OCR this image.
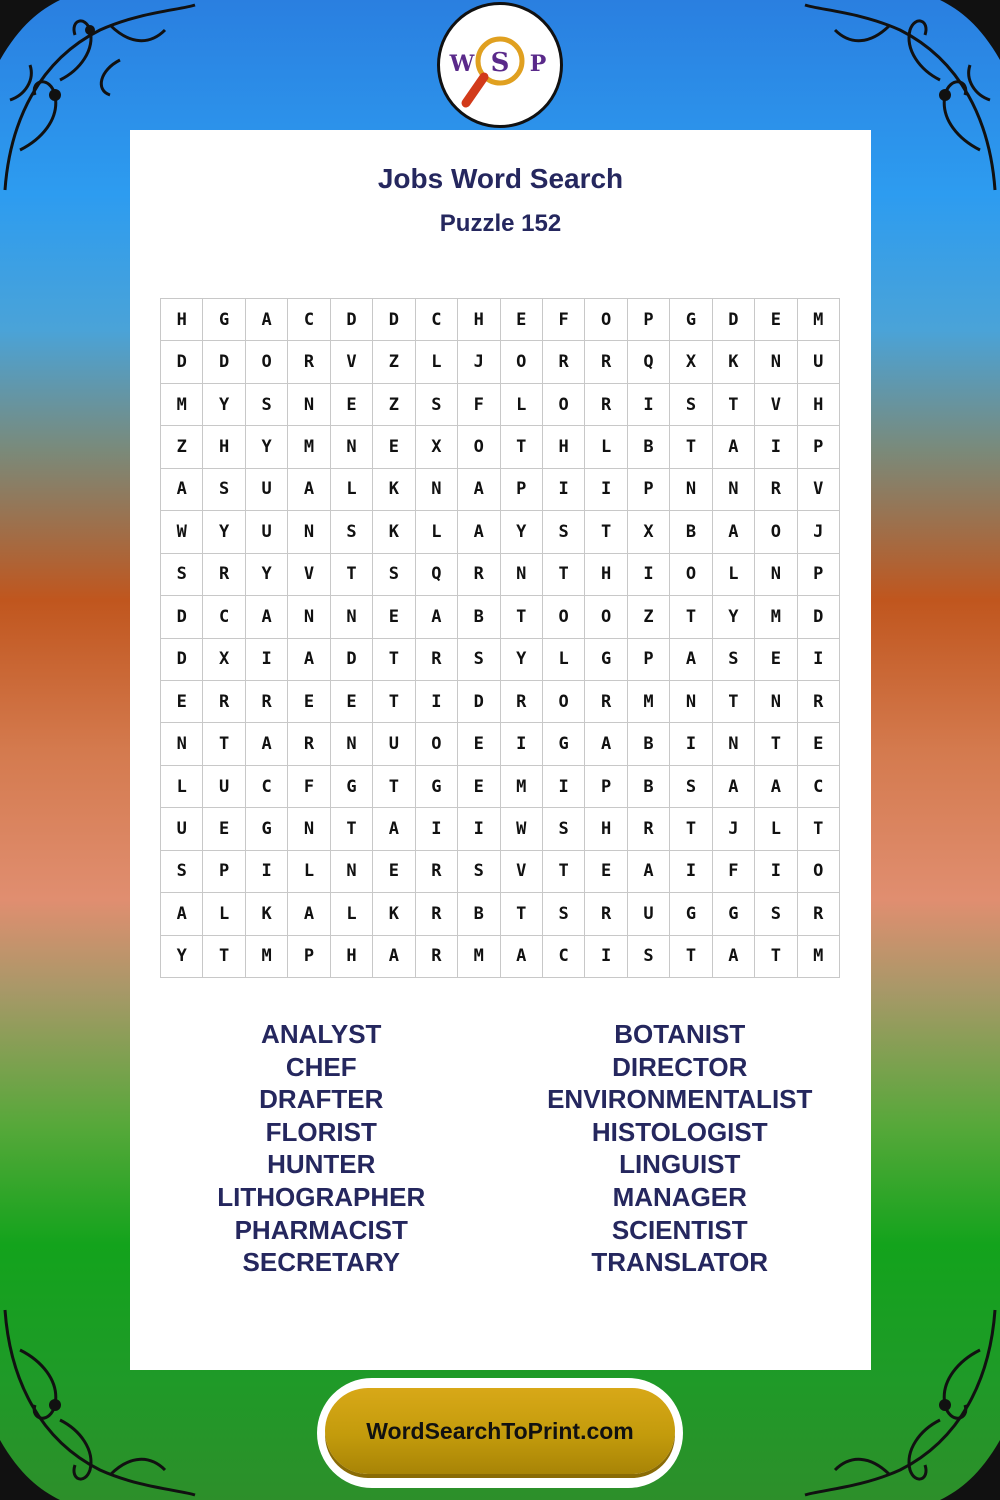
W S P
Jobs Word Search
Puzzle 152
H	G	A	C	D	D	C	H	E	F	O	P	G	D	E	M
D	D	O	R	V	Z	L	J	O	R	R	Q	X	K	N	U
M	Y	S	N	E	Z	S	F	L	O	R	I	S	T	V	H
Z	H	Y	M	N	E	X	O	T	H	L	B	T	A	I	P
A	S	U	A	L	K	N	A	P	I	I	P	N	N	R	V
W	Y	U	N	S	K	L	A	Y	S	T	X	B	A	O	J
S	R	Y	V	T	S	Q	R	N	T	H	I	O	L	N	P
D	C	A	N	N	E	A	B	T	O	O	Z	T	Y	M	D
D	X	I	A	D	T	R	S	Y	L	G	P	A	S	E	I
E	R	R	E	E	T	I	D	R	O	R	M	N	T	N	R
N	T	A	R	N	U	O	E	I	G	A	B	I	N	T	E
L	U	C	F	G	T	G	E	M	I	P	B	S	A	A	C
U	E	G	N	T	A	I	I	W	S	H	R	T	J	L	T
S	P	I	L	N	E	R	S	V	T	E	A	I	F	I	O
A	L	K	A	L	K	R	B	T	S	R	U	G	G	S	R
Y	T	M	P	H	A	R	M	A	C	I	S	T	A	T	M
ANALYST
CHEF
DRAFTER
FLORIST
HUNTER
LITHOGRAPHER
PHARMACIST
SECRETARY
BOTANIST
DIRECTOR
ENVIRONMENTALIST
HISTOLOGIST
LINGUIST
MANAGER
SCIENTIST
TRANSLATOR
WordSearchToPrint.com
